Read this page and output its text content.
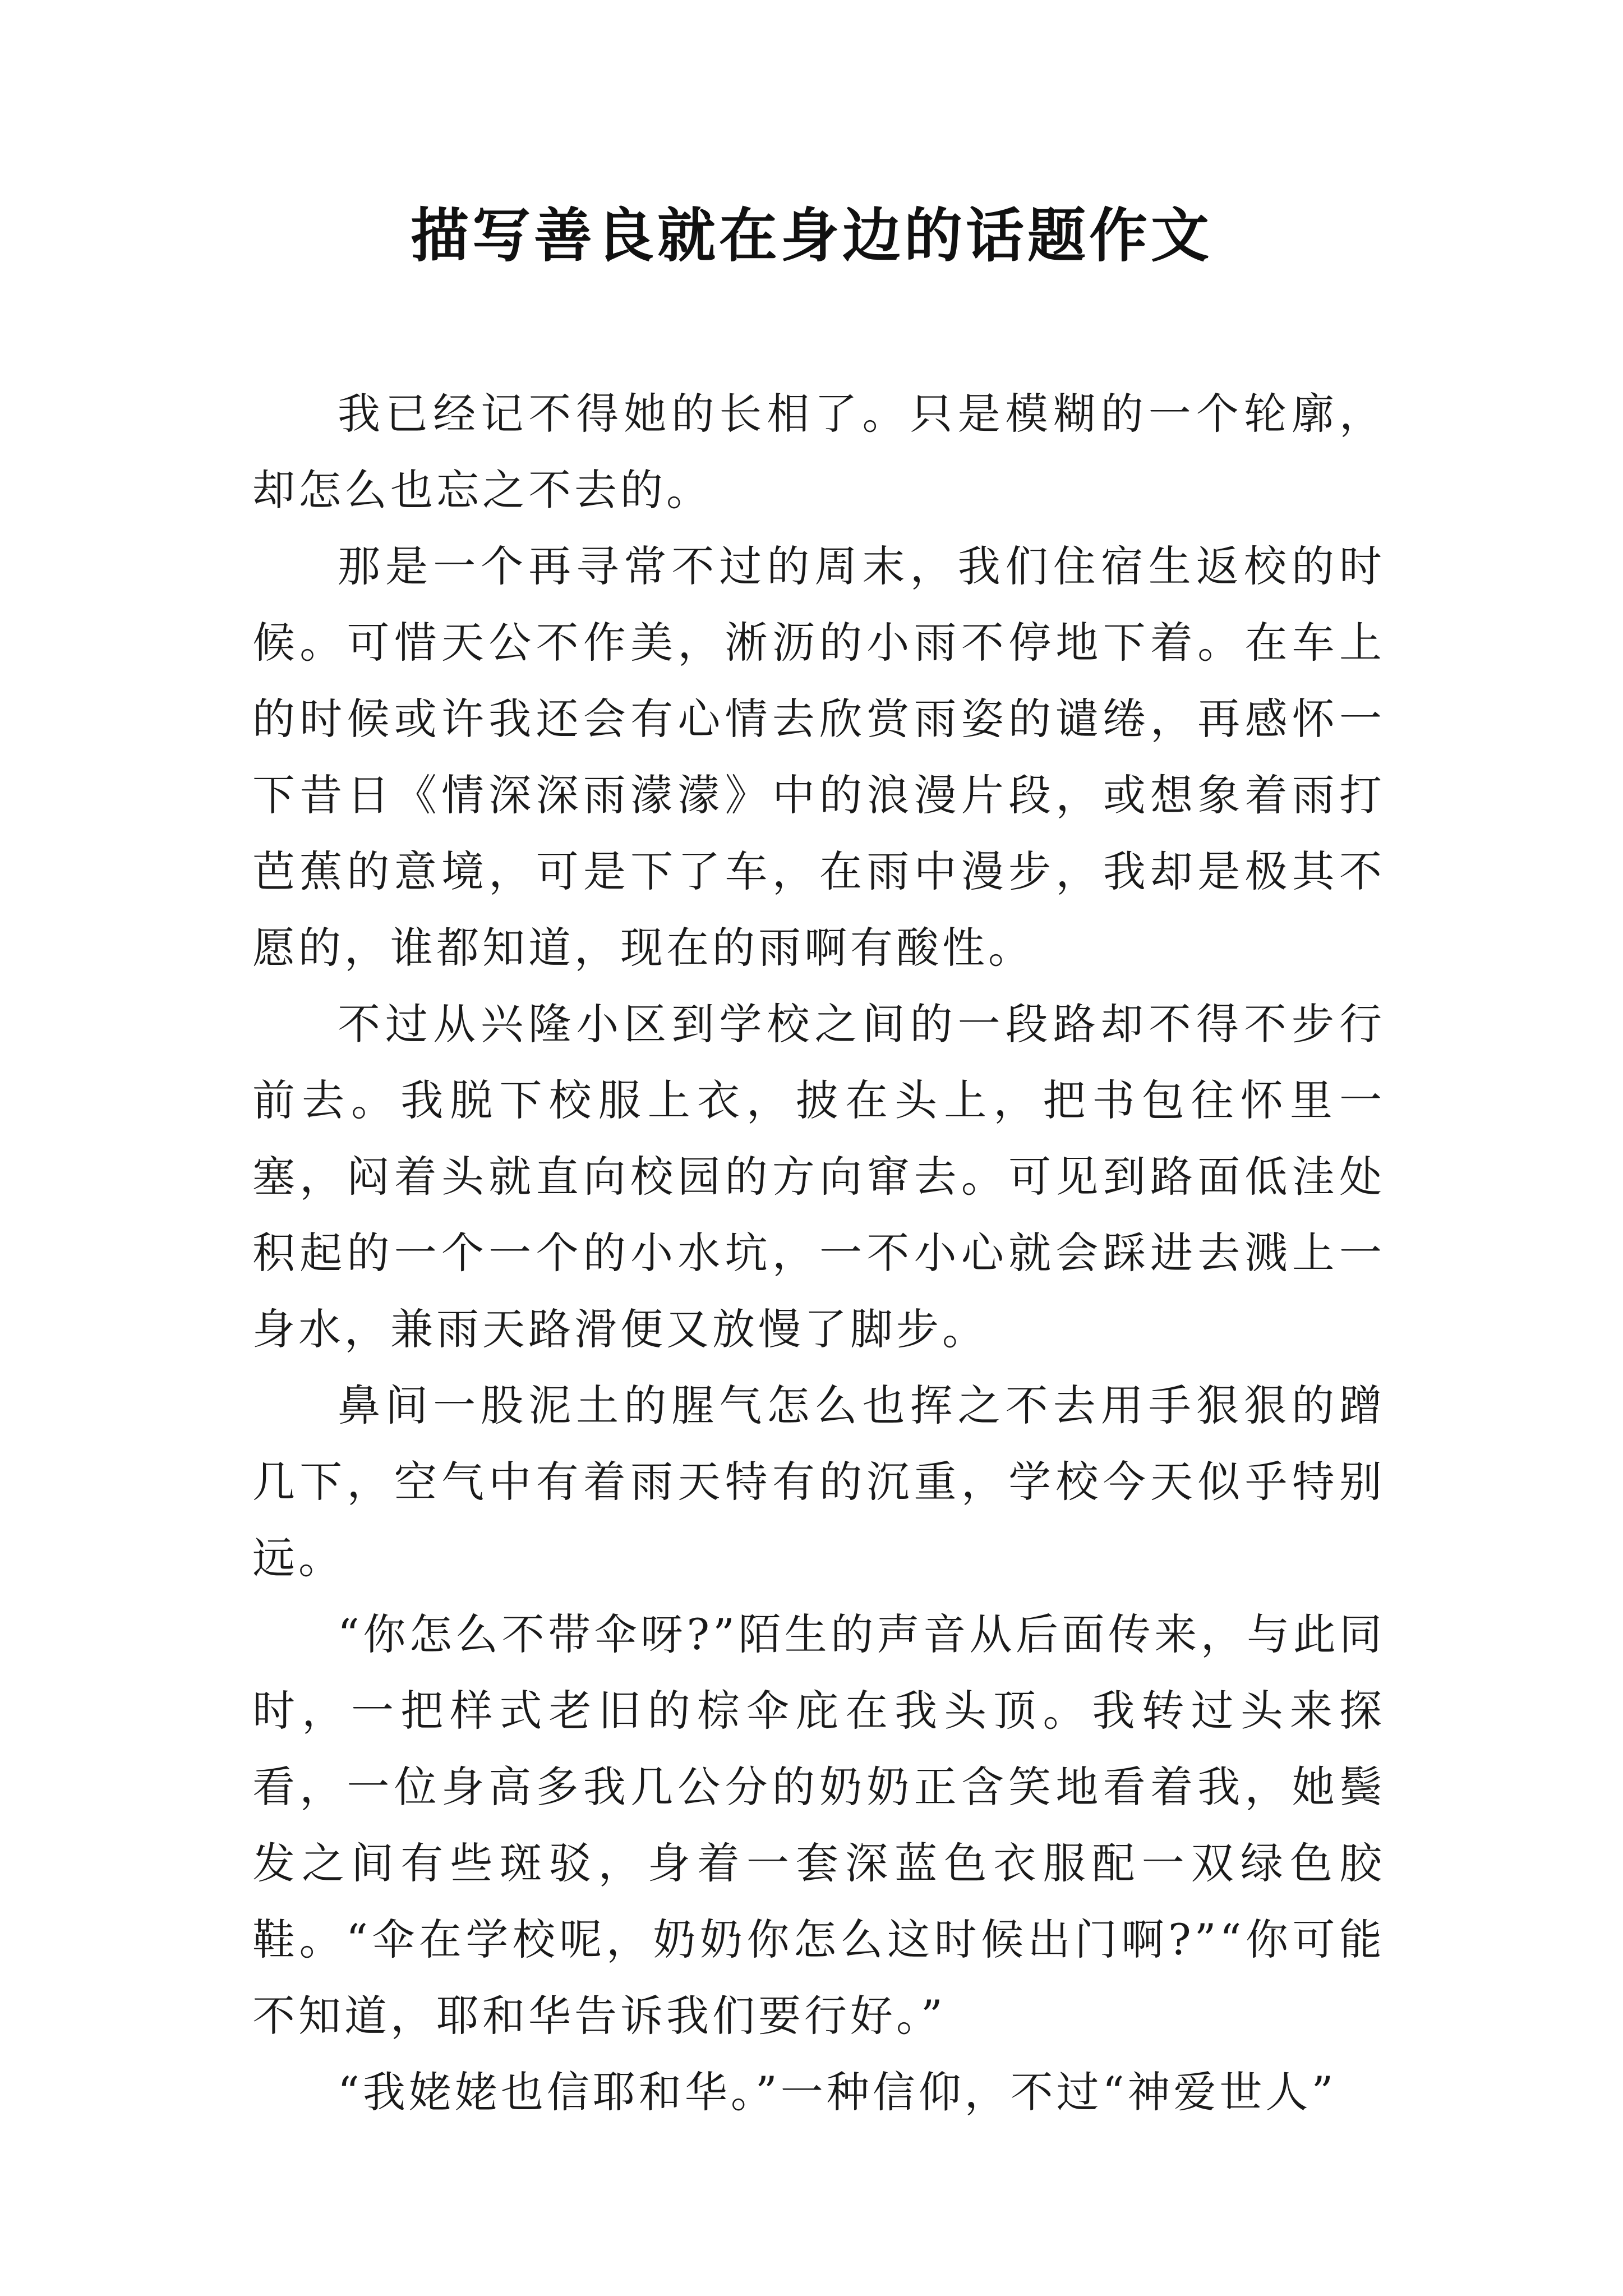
描写善良就在身边的话题作文

我已经记不得她的长相了。只是模糊的一个轮廓，却怎么也忘之不去的。

那是一个再寻常不过的周末，我们住宿生返校的时候。可惜天公不作美，淅沥的小雨不停地下着。在车上的时候或许我还会有心情去欣赏雨姿的谴绻，再感怀一下昔日《情深深雨濛濛》中的浪漫片段，或想象着雨打芭蕉的意境，可是下了车，在雨中漫步，我却是极其不愿的，谁都知道，现在的雨啊有酸性。

不过从兴隆小区到学校之间的一段路却不得不步行前去。我脱下校服上衣，披在头上，把书包往怀里一塞，闷着头就直向校园的方向窜去。可见到路面低洼处积起的一个一个的小水坑，一不小心就会踩进去溅上一身水，兼雨天路滑便又放慢了脚步。

鼻间一股泥土的腥气怎么也挥之不去用手狠狠的蹭几下，空气中有着雨天特有的沉重，学校今天似乎特别远。

“你怎么不带伞呀?”陌生的声音从后面传来，与此同时，一把样式老旧的棕伞庇在我头顶。我转过头来探看，一位身高多我几公分的奶奶正含笑地看着我，她鬓发之间有些斑驳，身着一套深蓝色衣服配一双绿色胶鞋。“伞在学校呢，奶奶你怎么这时候出门啊?”“你可能不知道，耶和华告诉我们要行好。”

“我姥姥也信耶和华。”一种信仰，不过“神爱世人”
